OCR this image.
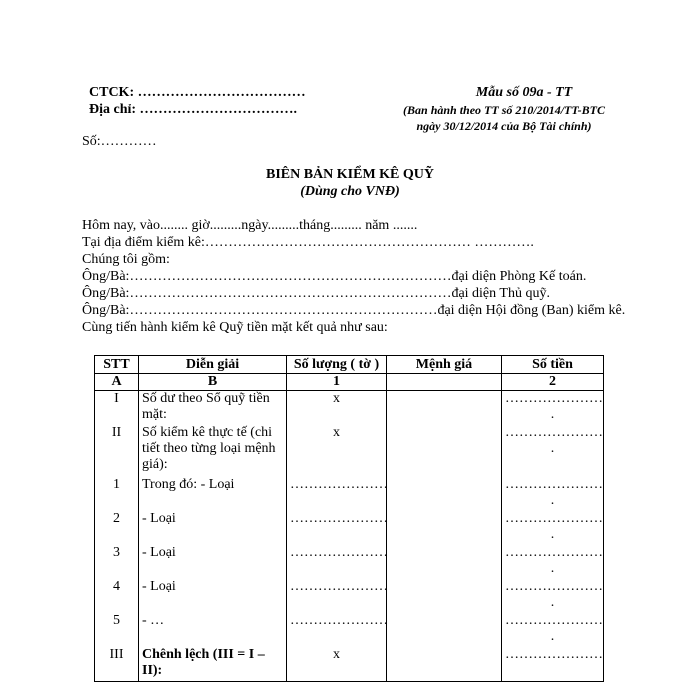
CTCK: ………………………………
Địa chỉ: …………………………….
Số:…………
Mẫu số 09a - TT
(Ban hành theo TT số 210/2014/TT-BTC
ngày 30/12/2014 của Bộ Tài chính)
BIÊN BẢN KIỂM KÊ QUỸ
(Dùng cho VNĐ)
Hôm nay, vào........ giờ.........ngày.........tháng......... năm .......
Tại địa điểm kiểm kê:………………………………………………… ………….
Chúng tôi gồm:
Ông/Bà:……………………………………………………………đại diện Phòng Kế toán.
Ông/Bà:……………………………………………………………đại diện Thủ quỹ.
Ông/Bà:…………………………………………………………đại diện Hội đồng (Ban) kiểm kê.
Cùng tiến hành kiểm kê Quỹ tiền mặt kết quả như sau:
STT	Diễn giải	Số lượng ( tờ )	Mệnh giá	Số tiền
A	B	1		2
I	Số dư theo Sổ quỹ tiền mặt:	x		…………………
.

II	Số kiểm kê thực tế (chi tiết theo từng loại mệnh giá):	x		…………………
.

1	Trong đó: - Loại	…………………		…………………
.

2	- Loại	…………………		…………………
.

3	- Loại	…………………		…………………
.

4	- Loại	…………………		…………………
.

5	- …	…………………		…………………
.

III	Chênh lệch (III = I – II):	x		…………………
